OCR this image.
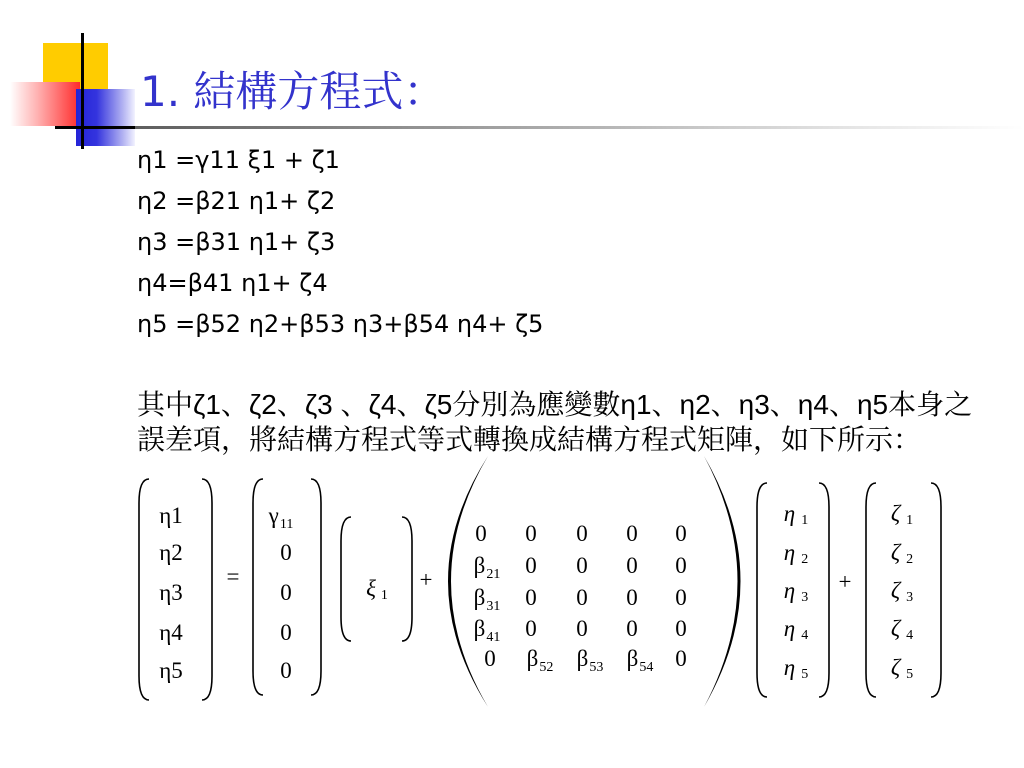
1. 結構方程式：
η1 =γ11 ξ1 + ζ1
η2 =β21 η1+ ζ2
η3 =β31 η1+ ζ3
η4=β41 η1+ ζ4
η5 =β52 η2+β53 η3+β54 η4+ ζ5
其中ζ1、ζ2、ζ3 、ζ4、ζ5分別為應變數η1、η2、η3、η4、η5本身之
誤差項，將結構方程式等式轉換成結構方程式矩陣，如下所示：
η1
η2
η3
η4
η5
=
$\gamma_{11}$
0
0
0
0
ξ 1
+
0 0 0 0 0
$\beta_{21}$ 0 0 0 0
$\beta_{31}$ 0 0 0 0
$\beta_{41}$ 0 0 0 0
0 $\beta_{52}$ $\beta_{53}$ $\beta_{54}$ 0
η 1
η 2
η 3
η 4
η 5
+
ζ 1
ζ 2
ζ 3
ζ 4
ζ 5
